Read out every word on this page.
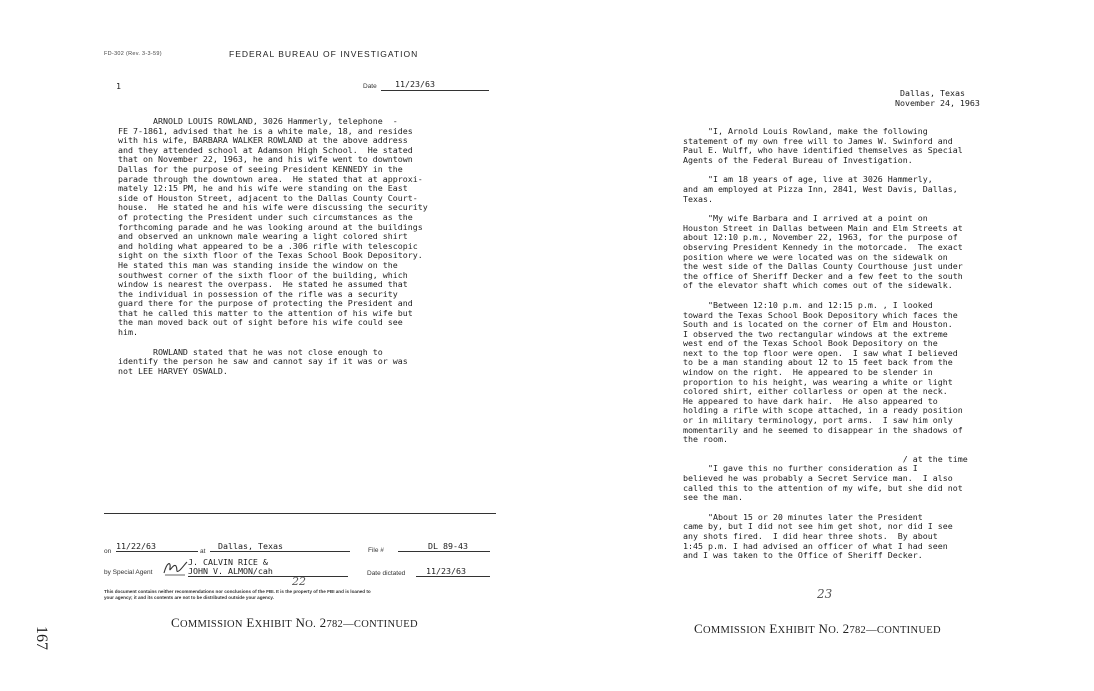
FD-302 (Rev. 3-3-59)	FEDERAL BUREAU OF INVESTIGATION
1	Date	11/23/63
ARNOLD LOUIS ROWLAND, 3026 Hammerly, telephone  -
FE 7-1861, advised that he is a white male, 18, and resides
with his wife, BARBARA WALKER ROWLAND at the above address
and they attended school at Adamson High School.  He stated
that on November 22, 1963, he and his wife went to downtown
Dallas for the purpose of seeing President KENNEDY in the
parade through the downtown area.  He stated that at approxi-
mately 12:15 PM, he and his wife were standing on the East
side of Houston Street, adjacent to the Dallas County Court-
house.  He stated he and his wife were discussing the security
of protecting the President under such circumstances as the
forthcoming parade and he was looking around at the buildings
and observed an unknown male wearing a light colored shirt
and holding what appeared to be a .306 rifle with telescopic
sight on the sixth floor of the Texas School Book Depository.
He stated this man was standing inside the window on the
southwest corner of the sixth floor of the building, which
window is nearest the overpass.  He stated he assumed that
the individual in possession of the rifle was a security
guard there for the purpose of protecting the President and
that he called this matter to the attention of his wife but
the man moved back out of sight before his wife could see
him.
ROWLAND stated that he was not close enough to
identify the person he saw and cannot say if it was or was
not LEE HARVEY OSWALD.
on
11/22/63
at
Dallas, Texas	File #	DL 89-43
J. CALVIN RICE &
by Special Agent	JOHN V. ALMON/cah	Date dictated	11/23/63
22
This document contains neither recommendations nor conclusions of the FBI. It is the property of the FBI and is loaned to
your agency; it and its contents are not to be distributed outside your agency.
COMMISSION EXHIBIT NO. 2782—CONTINUED
167
Dallas, Texas
November 24, 1963
"I, Arnold Louis Rowland, make the following
statement of my own free will to James W. Swinford and
Paul E. Wulff, who have identified themselves as Special
Agents of the Federal Bureau of Investigation.
"I am 18 years of age, live at 3026 Hammerly,
and am employed at Pizza Inn, 2841, West Davis, Dallas,
Texas.
"My wife Barbara and I arrived at a point on
Houston Street in Dallas between Main and Elm Streets at
about 12:10 p.m., November 22, 1963, for the purpose of
observing President Kennedy in the motorcade.  The exact
position where we were located was on the sidewalk on
the west side of the Dallas County Courthouse just under
the office of Sheriff Decker and a few feet to the south
of the elevator shaft which comes out of the sidewalk.
"Between 12:10 p.m. and 12:15 p.m. , I looked
toward the Texas School Book Depository which faces the
South and is located on the corner of Elm and Houston.
I observed the two rectangular windows at the extreme
west end of the Texas School Book Depository on the
next to the top floor were open.  I saw what I believed
to be a man standing about 12 to 15 feet back from the
window on the right.  He appeared to be slender in
proportion to his height, was wearing a white or light
colored shirt, either collarless or open at the neck.
He appeared to have dark hair.  He also appeared to
holding a rifle with scope attached, in a ready position
or in military terminology, port arms.  I saw him only
momentarily and he seemed to disappear in the shadows of
the room.
/ at the time
"I gave this no further consideration as I
believed he was probably a Secret Service man.  I also
called this to the attention of my wife, but she did not
see the man.
"About 15 or 20 minutes later the President
came by, but I did not see him get shot, nor did I see
any shots fired.  I did hear three shots.  By about
1:45 p.m. I had advised an officer of what I had seen
and I was taken to the Office of Sheriff Decker.
23
COMMISSION EXHIBIT NO. 2782—CONTINUED
